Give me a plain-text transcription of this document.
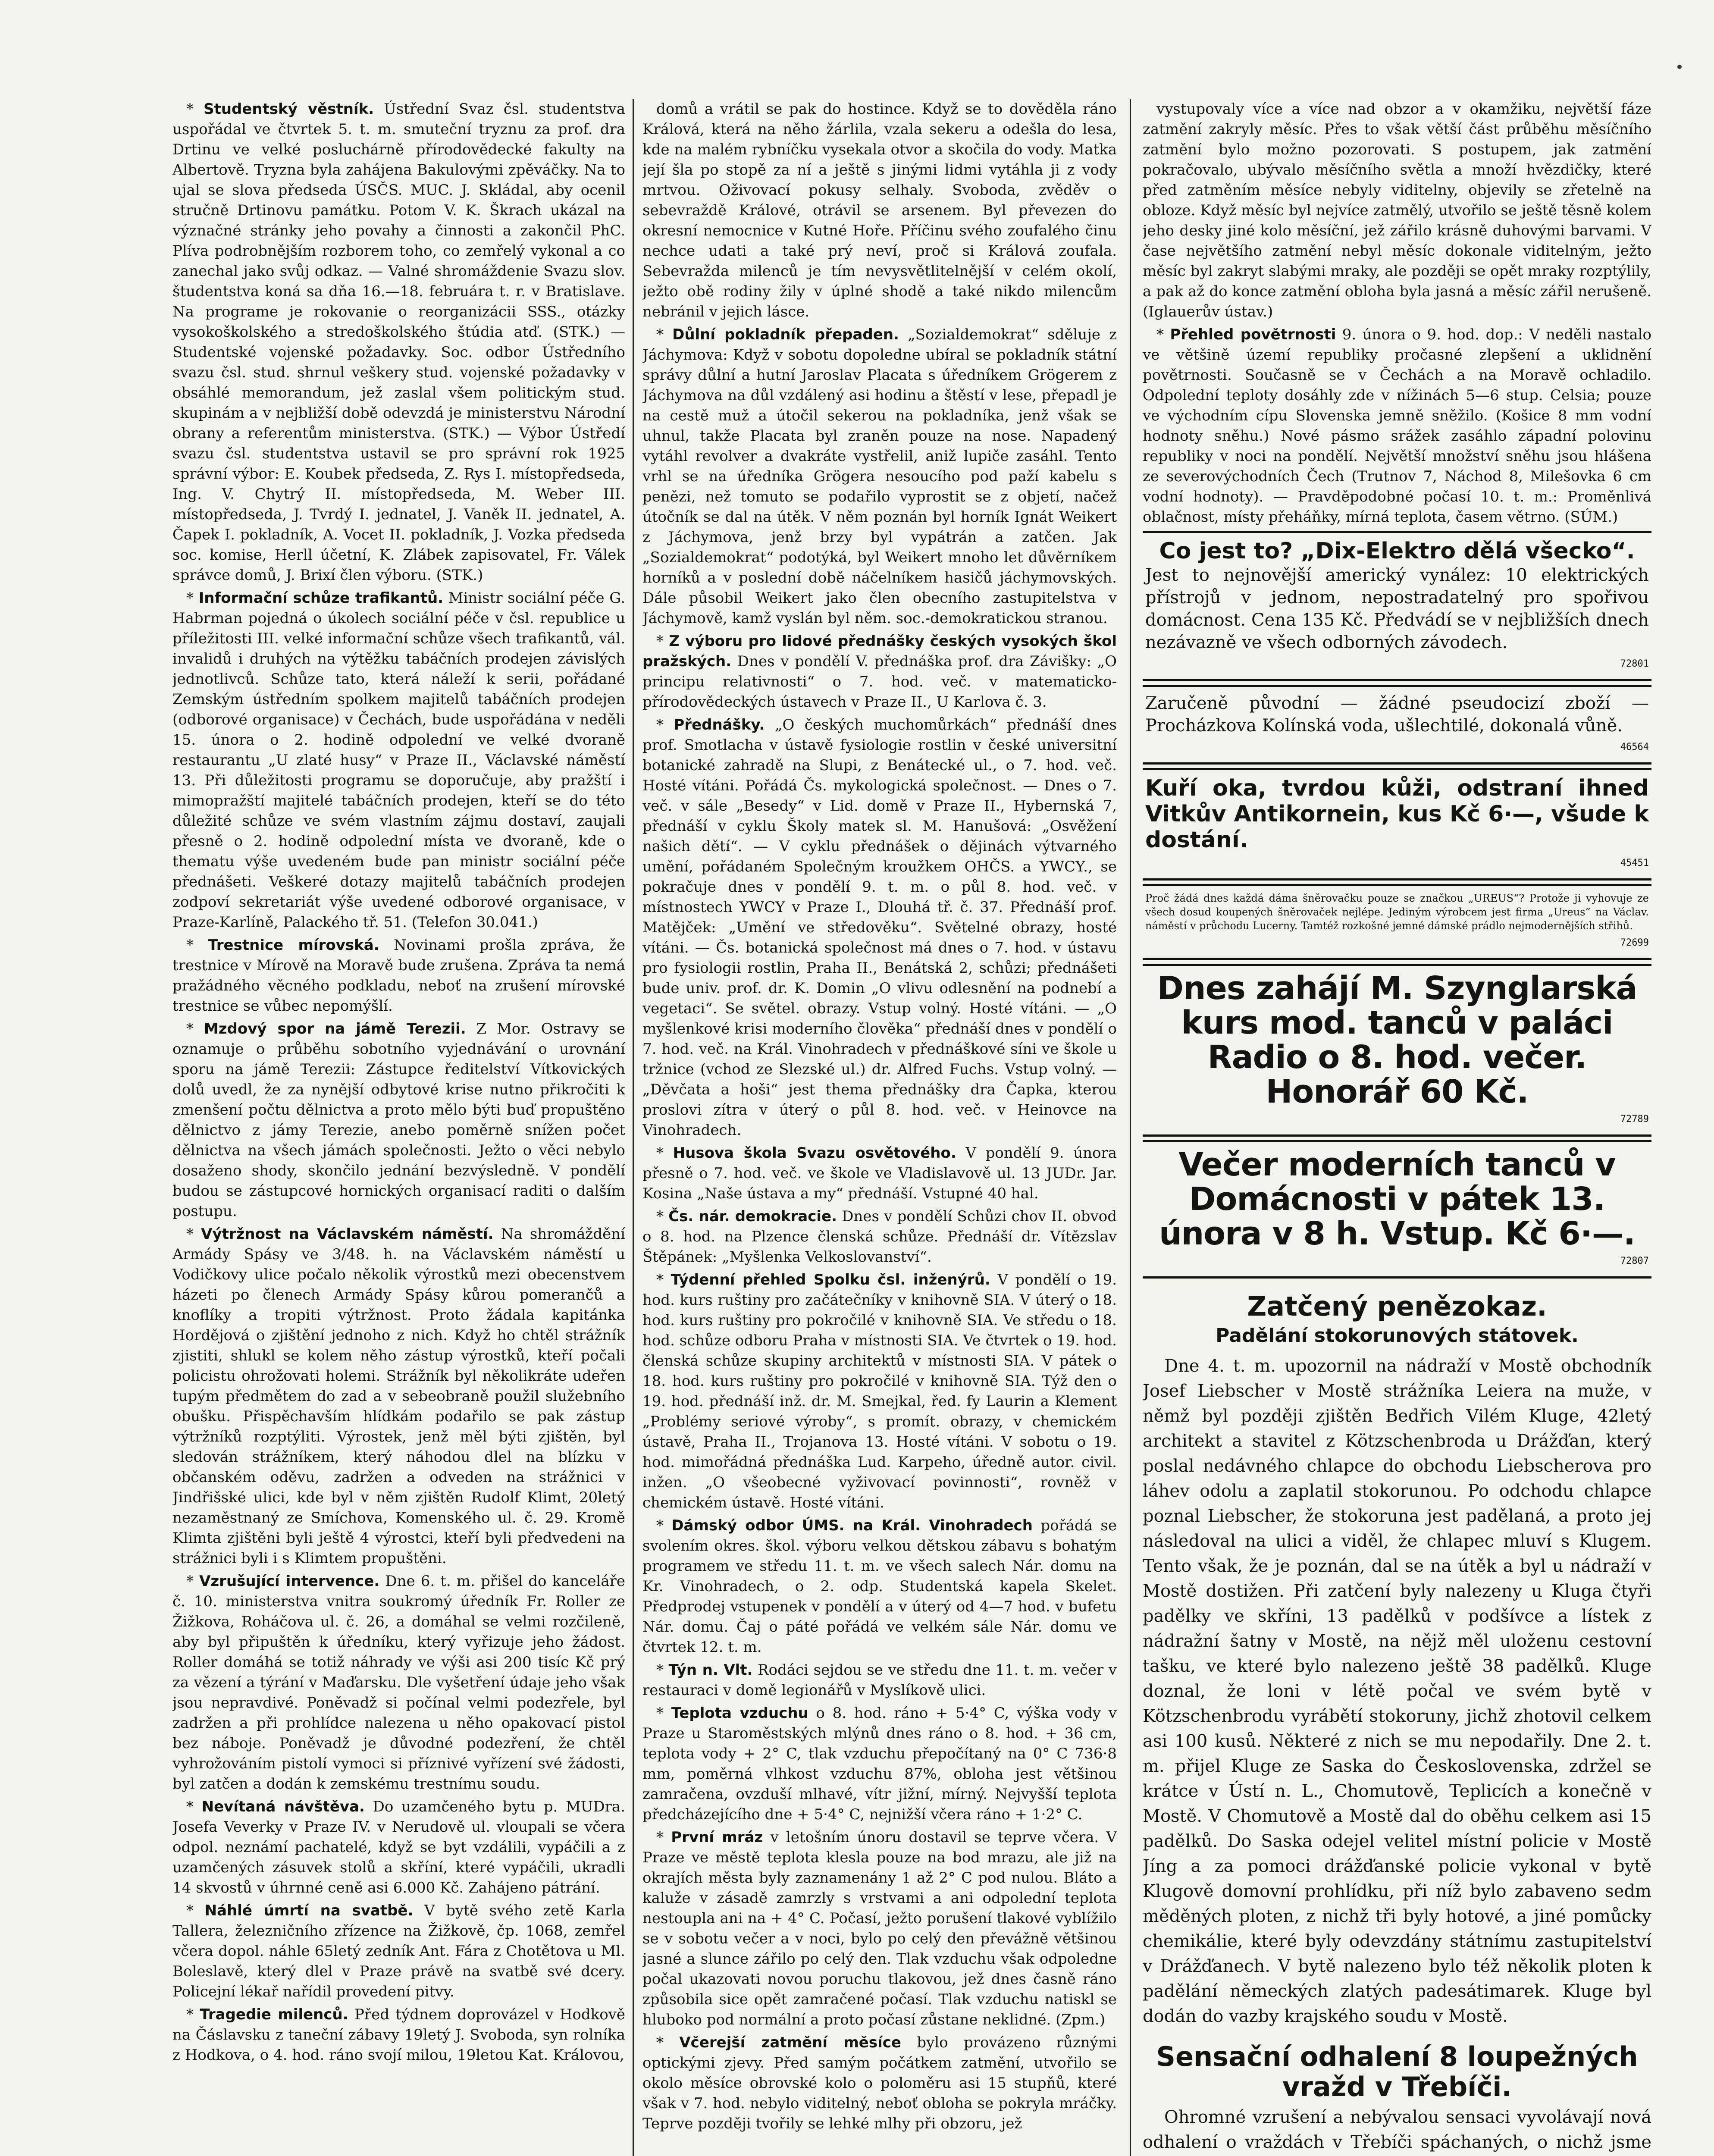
* Studentský věstník. Ústřední Svaz čsl. studentstva uspořádal ve čtvrtek 5. t. m. smuteční tryznu za prof. dra Drtinu ve velké posluchárně přírodovědecké fakulty na Albertově. Tryzna byla zahájena Bakulovými zpěváčky. Na to ujal se slova předseda ÚSČS. MUC. J. Skládal, aby ocenil stručně Drtinovu památku. Potom V. K. Škrach ukázal na význačné stránky jeho povahy a činnosti a zakončil PhC. Plíva podrobnějším rozborem toho, co zemřelý vykonal a co zanechal jako svůj odkaz. — Valné shromáždenie Svazu slov. študentstva koná sa dňa 16.—18. februára t. r. v Bratislave. Na programe je rokovanie o reorganizácii SSS., otázky vysokoškolského a stredoškolského štúdia atď. (STK.) — Studentské vojenské požadavky. Soc. odbor Ústředního svazu čsl. stud. shrnul veškery stud. vojenské požadavky v obsáhlé memorandum, jež zaslal všem politickým stud. skupinám a v nejbližší době odevzdá je ministerstvu Národní obrany a referentům ministerstva. (STK.) — Výbor Ústředí svazu čsl. studentstva ustavil se pro správní rok 1925 správní výbor: E. Koubek předseda, Z. Rys I. místopředseda, Ing. V. Chytrý II. místopředseda, M. Weber III. místopředseda, J. Tvrdý I. jednatel, J. Vaněk II. jednatel, A. Čapek I. pokladník, A. Vocet II. pokladník, J. Vozka předseda soc. komise, Herll účetní, K. Zlábek zapisovatel, Fr. Válek správce domů, J. Brixí člen výboru. (STK.)

* Informační schůze trafikantů. Ministr sociální péče G. Habrman pojedná o úkolech sociální péče v čsl. republice u příležitosti III. velké informační schůze všech trafikantů, vál. invalidů i druhých na výtěžku tabáčních prodejen závislých jednotlivců. Schůze tato, která náleží k serii, pořádané Zemským ústředním spolkem majitelů tabáčních prodejen (odborové organisace) v Čechách, bude uspořádána v neděli 15. února o 2. hodině odpolední ve velké dvoraně restaurantu „U zlaté husy“ v Praze II., Václavské náměstí 13. Při důležitosti programu se doporučuje, aby pražští i mimopražští majitelé tabáčních prodejen, kteří se do této důležité schůze ve svém vlastním zájmu dostaví, zaujali přesně o 2. hodině odpolední místa ve dvoraně, kde o thematu výše uvedeném bude pan ministr sociální péče přednášeti. Veškeré dotazy majitelů tabáčních prodejen zodpoví sekretariát výše uvedené odborové organisace, v Praze-Karlíně, Palackého tř. 51. (Telefon 30.041.)

* Trestnice mírovská. Novinami prošla zpráva, že trestnice v Mírově na Moravě bude zrušena. Zpráva ta nemá pražádného věcného podkladu, neboť na zrušení mírovské trestnice se vůbec nepomýšlí.

* Mzdový spor na jámě Terezii. Z Mor. Ostravy se oznamuje o průběhu sobotního vyjednávání o urovnání sporu na jámě Terezii: Zástupce ředitelství Vítkovických dolů uvedl, že za nynější odbytové krise nutno přikročiti k zmenšení počtu dělnictva a proto mělo býti buď propuštěno dělnictvo z jámy Terezie, anebo poměrně snížen počet dělnictva na všech jámách společnosti. Ježto o věci nebylo dosaženo shody, skončilo jednání bezvýsledně. V pondělí budou se zástupcové hornických organisací raditi o dalším postupu.

* Výtržnost na Václavském náměstí. Na shromáždění Armády Spásy ve 3/48. h. na Václavském náměstí u Vodičkovy ulice počalo několik výrostků mezi obecenstvem házeti po členech Armády Spásy kůrou pomerančů a knoflíky a tropiti výtržnost. Proto žádala kapitánka Hordějová o zjištění jednoho z nich. Když ho chtěl strážník zjistiti, shlukl se kolem něho zástup výrostků, kteří počali policistu ohrožovati holemi. Strážník byl několikráte udeřen tupým předmětem do zad a v sebeobraně použil služebního obušku. Přispěchavším hlídkám podařilo se pak zástup výtržníků rozptýliti. Výrostek, jenž měl býti zjištěn, byl sledován strážníkem, který náhodou dlel na blízku v občanském oděvu, zadržen a odveden na strážnici v Jindřišské ulici, kde byl v něm zjištěn Rudolf Klimt, 20letý nezaměstnaný ze Smíchova, Komenského ul. č. 29. Kromě Klimta zjištěni byli ještě 4 výrostci, kteří byli předvedeni na strážnici byli i s Klimtem propuštěni.

* Vzrušující intervence. Dne 6. t. m. přišel do kanceláře č. 10. ministerstva vnitra soukromý úředník Fr. Roller ze Žižkova, Roháčova ul. č. 26, a domáhal se velmi rozčileně, aby byl připuštěn k úředníku, který vyřizuje jeho žádost. Roller domáhá se totiž náhrady ve výši asi 200 tisíc Kč prý za vězení a týrání v Maďarsku. Dle vyšetření údaje jeho však jsou nepravdivé. Poněvadž si počínal velmi podezřele, byl zadržen a při prohlídce nalezena u něho opakovací pistol bez náboje. Poněvadž je důvodné podezření, že chtěl vyhrožováním pistolí vymoci si příznivé vyřízení své žádosti, byl zatčen a dodán k zemskému trestnímu soudu.

* Nevítaná návštěva. Do uzamčeného bytu p. MUDra. Josefa Veverky v Praze IV. v Nerudově ul. vloupali se včera odpol. neznámí pachatelé, když se byt vzdálili, vypáčili a z uzamčených zásuvek stolů a skříní, které vypáčili, ukradli 14 skvostů v úhrnné ceně asi 6.000 Kč. Zahájeno pátrání.

* Náhlé úmrtí na svatbě. V bytě svého zetě Karla Tallera, železničního zřízence na Žižkově, čp. 1068, zemřel včera dopol. náhle 65letý zedník Ant. Fára z Chotětova u Ml. Boleslavě, který dlel v Praze právě na svatbě své dcery. Policejní lékař nařídil provedení pitvy.

* Tragedie milenců. Před týdnem doprovázel v Hodkově na Čáslavsku z taneční zábavy 19letý J. Svoboda, syn rolníka z Hodkova, o 4. hod. ráno svojí milou, 19letou Kat. Královou,

domů a vrátil se pak do hostince. Když se to dověděla ráno Králová, která na něho žárlila, vzala sekeru a odešla do lesa, kde na malém rybníčku vysekala otvor a skočila do vody. Matka její šla po stopě za ní a ještě s jinými lidmi vytáhla ji z vody mrtvou. Oživovací pokusy selhaly. Svoboda, zvěděv o sebevraždě Králové, otrávil se arsenem. Byl převezen do okresní nemocnice v Kutné Hoře. Příčinu svého zoufalého činu nechce udati a také prý neví, proč si Králová zoufala. Sebevražda milenců je tím nevysvětlitelnější v celém okolí, ježto obě rodiny žily v úplné shodě a také nikdo milencům nebránil v jejich lásce.

* Důlní pokladník přepaden. „Sozialdemokrat“ sděluje z Jáchymova: Když v sobotu dopoledne ubíral se pokladník státní správy důlní a hutní Jaroslav Placata s úředníkem Grögerem z Jáchymova na důl vzdálený asi hodinu a štěstí v lese, přepadl je na cestě muž a útočil sekerou na pokladníka, jenž však se uhnul, takže Placata byl zraněn pouze na nose. Napadený vytáhl revolver a dvakráte vystřelil, aniž lupiče zasáhl. Tento vrhl se na úředníka Grögera nesoucího pod paží kabelu s penězi, než tomuto se podařilo vyprostit se z objetí, načež útočník se dal na útěk. V něm poznán byl horník Ignát Weikert z Jáchymova, jenž brzy byl vypátrán a zatčen. Jak „Sozialdemokrat“ podotýká, byl Weikert mnoho let důvěrníkem horníků a v poslední době náčelníkem hasičů jáchymovských. Dále působil Weikert jako člen obecního zastupitelstva v Jáchymově, kamž vyslán byl něm. soc.-demokratickou stranou.

* Z výboru pro lidové přednášky českých vysokých škol pražských. Dnes v pondělí V. přednáška prof. dra Závišky: „O principu relativnosti“ o 7. hod. več. v matematicko-přírodovědeckých ústavech v Praze II., U Karlova č. 3.

* Přednášky. „O českých muchomůrkách“ přednáší dnes prof. Smotlacha v ústavě fysiologie rostlin v české universitní botanické zahradě na Slupi, z Benátecké ul., o 7. hod. več. Hosté vítáni. Pořádá Čs. mykologická společnost. — Dnes o 7. več. v sále „Besedy“ v Lid. domě v Praze II., Hybernská 7, přednáší v cyklu Školy matek sl. M. Hanušová: „Osvěžení našich dětí“. — V cyklu přednášek o dějinách výtvarného umění, pořádaném Společným kroužkem OHČS. a YWCY., se pokračuje dnes v pondělí 9. t. m. o půl 8. hod. več. v místnostech YWCY v Praze I., Dlouhá tř. č. 37. Přednáší prof. Matějček: „Umění ve středověku“. Světelné obrazy, hosté vítáni. — Čs. botanická společnost má dnes o 7. hod. v ústavu pro fysiologii rostlin, Praha II., Benátská 2, schůzi; přednášeti bude univ. prof. dr. K. Domin „O vlivu odlesnění na podnebí a vegetaci“. Se světel. obrazy. Vstup volný. Hosté vítáni. — „O myšlenkové krisi moderního člověka“ přednáší dnes v pondělí o 7. hod. več. na Král. Vinohradech v přednáškové síni ve škole u tržnice (vchod ze Slezské ul.) dr. Alfred Fuchs. Vstup volný. — „Děvčata a hoši“ jest thema přednášky dra Čapka, kterou proslovi zítra v úterý o půl 8. hod. več. v Heinovce na Vinohradech.

* Husova škola Svazu osvětového. V pondělí 9. února přesně o 7. hod. več. ve škole ve Vladislavově ul. 13 JUDr. Jar. Kosina „Naše ústava a my“ přednáší. Vstupné 40 hal.

* Čs. nár. demokracie. Dnes v pondělí Schůzi chov II. obvod o 8. hod. na Plzence členská schůze. Přednáší dr. Vítězslav Štěpánek: „Myšlenka Velkoslovanství“.

* Týdenní přehled Spolku čsl. inženýrů. V pondělí o 19. hod. kurs ruštiny pro začátečníky v knihovně SIA. V úterý o 18. hod. kurs ruštiny pro pokročilé v knihovně SIA. Ve středu o 18. hod. schůze odboru Praha v místnosti SIA. Ve čtvrtek o 19. hod. členská schůze skupiny architektů v místnosti SIA. V pátek o 18. hod. kurs ruštiny pro pokročilé v knihovně SIA. Týž den o 19. hod. přednáší inž. dr. M. Smejkal, řed. fy Laurin a Klement „Problémy seriové výroby“, s promít. obrazy, v chemickém ústavě, Praha II., Trojanova 13. Hosté vítáni. V sobotu o 19. hod. mimořádná přednáška Lud. Karpeho, úředně autor. civil. inžen. „O všeobecné vyživovací povinnosti“, rovněž v chemickém ústavě. Hosté vítáni.

* Dámský odbor ÚMS. na Král. Vinohradech pořádá se svolením okres. škol. výboru velkou dětskou zábavu s bohatým programem ve středu 11. t. m. ve všech salech Nár. domu na Kr. Vinohradech, o 2. odp. Studentská kapela Skelet. Předprodej vstupenek v pondělí a v úterý od 4—7 hod. v bufetu Nár. domu. Čaj o páté pořádá ve velkém sále Nár. domu ve čtvrtek 12. t. m.

* Týn n. Vlt. Rodáci sejdou se ve středu dne 11. t. m. večer v restauraci v domě legionářů v Myslíkově ulici.

* Teplota vzduchu o 8. hod. ráno + 5·4° C, výška vody v Praze u Staroměstských mlýnů dnes ráno o 8. hod. + 36 cm, teplota vody + 2° C, tlak vzduchu přepočítaný na 0° C 736·8 mm, poměrná vlhkost vzduchu 87%, obloha jest většinou zamračena, ovzduší mlhavé, vítr jižní, mírný. Nejvyšší teplota předcházejícího dne + 5·4° C, nejnižší včera ráno + 1·2° C.

* První mráz v letošním únoru dostavil se teprve včera. V Praze ve městě teplota klesla pouze na bod mrazu, ale již na okrajích města byly zaznamenány 1 až 2° C pod nulou. Bláto a kaluže v zásadě zamrzly s vrstvami a ani odpolední teplota nestoupla ani na + 4° C. Počasí, ježto porušení tlakové vyblížilo se v sobotu večer a v noci, bylo po celý den převážně většinou jasné a slunce zářilo po celý den. Tlak vzduchu však odpoledne počal ukazovati novou poruchu tlakovou, jež dnes časně ráno způsobila sice opět zamračené počasí. Tlak vzduchu natiskl se hluboko pod normální a proto počasí zůstane neklidné. (Zpm.)

* Včerejší zatmění měsíce bylo provázeno různými optickými zjevy. Před samým počátkem zatmění, utvořilo se okolo měsíce obrovské kolo o poloměru asi 15 stupňů, které však v 7. hod. nebylo viditelný, neboť obloha se pokryla mráčky. Teprve později tvořily se lehké mlhy při obzoru, jež

vystupovaly více a více nad obzor a v okamžiku, největší fáze zatmění zakryly měsíc. Přes to však větší část průběhu měsíčního zatmění bylo možno pozorovati. S postupem, jak zatmění pokračovalo, ubývalo měsíčního světla a množí hvězdičky, které před zatměním měsíce nebyly viditelny, objevily se zřetelně na obloze. Když měsíc byl nejvíce zatmělý, utvořilo se ještě těsně kolem jeho desky jiné kolo měsíční, jež zářilo krásně duhovými barvami. V čase největšího zatmění nebyl měsíc dokonale viditelným, ježto měsíc byl zakryt slabými mraky, ale později se opět mraky rozptýlily, a pak až do konce zatmění obloha byla jasná a měsíc zářil nerušeně. (Iglauerův ústav.)

* Přehled povětrnosti 9. února o 9. hod. dop.: V neděli nastalo ve většině území republiky pročasné zlepšení a uklidnění povětrnosti. Současně se v Čechách a na Moravě ochladilo. Odpolední teploty dosáhly zde v nížinách 5—6 stup. Celsia; pouze ve východním cípu Slovenska jemně sněžilo. (Košice 8 mm vodní hodnoty sněhu.) Nové pásmo srážek zasáhlo západní polovinu republiky v noci na pondělí. Největší množství sněhu jsou hlášena ze severovýchodních Čech (Trutnov 7, Náchod 8, Milešovka 6 cm vodní hodnoty). — Pravděpodobné počasí 10. t. m.: Proměnlivá oblačnost, místy přeháňky, mírná teplota, časem větrno. (SÚM.)

Co jest to? „Dix-Elektro dělá všecko“.
Jest to nejnovější americký vynález: 10 elektrických přístrojů v jednom, nepostradatelný pro spořivou domácnost. Cena 135 Kč. Předvádí se v nejbližších dnech nezávazně ve všech odborných závodech.
72801
Zaručeně původní — žádné pseudocizí zboží — Procházkova Kolínská voda, ušlechtilé, dokonalá vůně.
46564
Kuří oka, tvrdou kůži, odstraní ihned Vitkův Antikornein, kus Kč 6·—, všude k dostání.
45451
Proč žádá dnes každá dáma šněrovačku pouze se značkou „UREUS“? Protože ji vyhovuje ze všech dosud koupených šněrovaček nejlépe. Jediným výrobcem jest firma „Ureus“ na Václav. náměstí v průchodu Lucerny. Tamtéž rozkošné jemné dámské prádlo nejmodernějších střihů.
72699
Dnes zahájí M. Szynglarská kurs mod. tanců v paláci Radio o 8. hod. večer. Honorář 60 Kč.
72789
Večer moderních tanců v Domácnosti v pátek 13. února v 8 h. Vstup. Kč 6·—.
72807
Zatčený penězokaz.
Padělání stokorunových státovek.
Dne 4. t. m. upozornil na nádraží v Mostě obchodník Josef Liebscher v Mostě strážníka Leiera na muže, v němž byl později zjištěn Bedřich Vilém Kluge, 42letý architekt a stavitel z Kötzschenbroda u Drážďan, který poslal nedávného chlapce do obchodu Liebscherova pro láhev odolu a zaplatil stokorunou. Po odchodu chlapce poznal Liebscher, že stokoruna jest padělaná, a proto jej následoval na ulici a viděl, že chlapec mluví s Klugem. Tento však, že je poznán, dal se na útěk a byl u nádraží v Mostě dostižen. Při zatčení byly nalezeny u Kluga čtyři padělky ve skříni, 13 padělků v podšívce a lístek z nádražní šatny v Mostě, na nějž měl uloženu cestovní tašku, ve které bylo nalezeno ještě 38 padělků. Kluge doznal, že loni v létě počal ve svém bytě v Kötzschenbrodu vyrábětí stokoruny, jichž zhotovil celkem asi 100 kusů. Některé z nich se mu nepodařily. Dne 2. t. m. přijel Kluge ze Saska do Československa, zdržel se krátce v Ústí n. L., Chomutově, Teplicích a konečně v Mostě. V Chomutově a Mostě dal do oběhu celkem asi 15 padělků. Do Saska odejel velitel místní policie v Mostě Jíng a za pomoci drážďanské policie vykonal v bytě Klugově domovní prohlídku, při níž bylo zabaveno sedm měděných ploten, z nichž tři byly hotové, a jiné pomůcky chemikálie, které byly odevzdány státnímu zastupitelství v Drážďanech. V bytě nalezeno bylo též několik ploten k padělání německých zlatých padesátimarek. Kluge byl dodán do vazby krajského soudu v Mostě.
Sensační odhalení 8 loupežných vražd v Třebíči.
Ohromné vzrušení a nebývalou sensaci vyvolávají nová odhalení o vraždách v Třebíči spáchaných, o nichž jsme
